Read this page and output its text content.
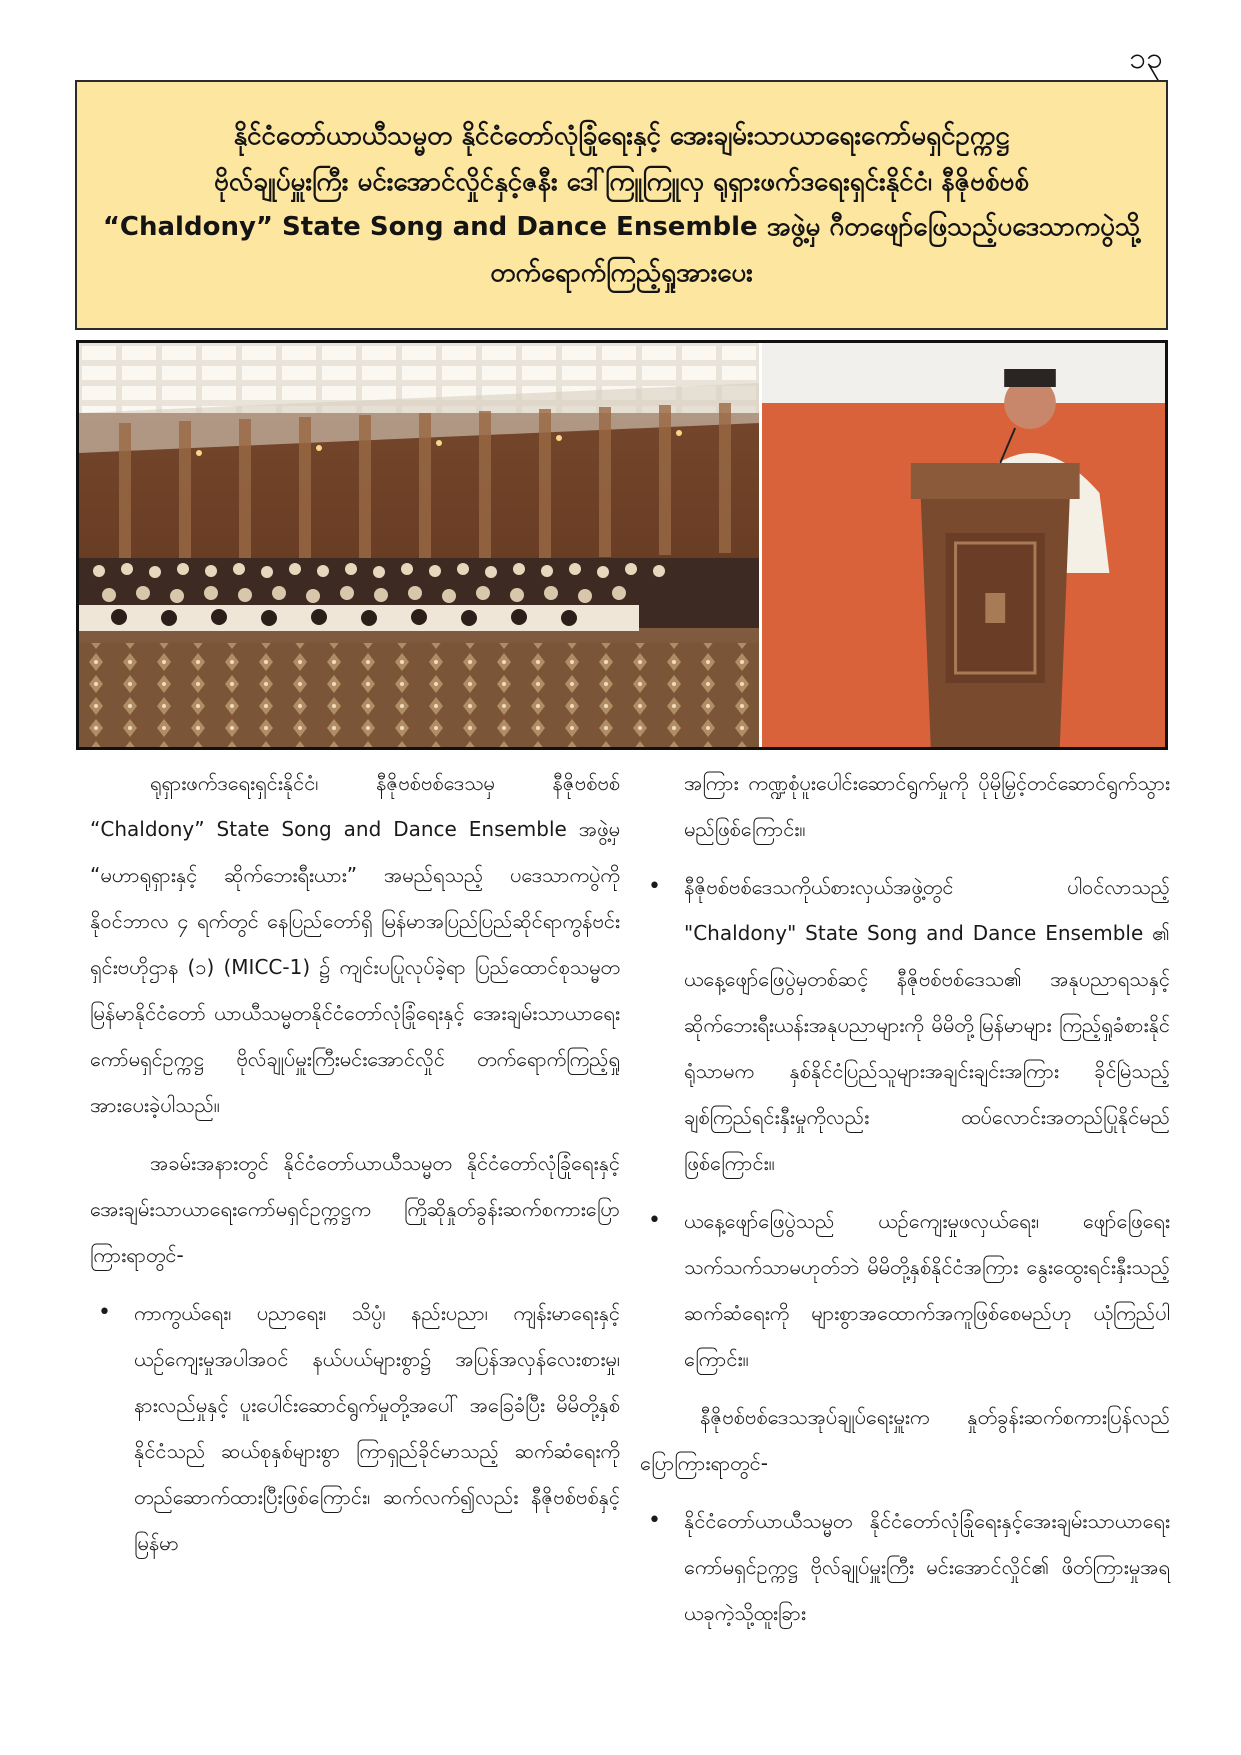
၁၃
နိုင်ငံတော်ယာယီသမ္မတ နိုင်ငံတော်လုံခြုံရေးနှင့် အေးချမ်းသာယာရေးကော်မရှင်ဥက္ကဋ္ဌ
ဗိုလ်ချုပ်မှူးကြီး မင်းအောင်လှိုင်နှင့်ဇနီး ဒေါ်ကြူကြူလှ ရုရှားဖက်ဒရေးရှင်းနိုင်ငံ၊ နီဇိုဗစ်ဗစ်
“Chaldony” State Song and Dance Ensemble အဖွဲ့မှ ဂီတဖျော်ဖြေသည့်ပဒေသာကပွဲသို့
တက်ရောက်ကြည့်ရှုအားပေး

ရုရှားဖက်ဒရေးရှင်းနိုင်ငံ၊ နီဇိုဗစ်ဗစ်ဒေသမှ နီဇိုဗစ်ဗစ် “Chaldony” State Song and Dance Ensemble အဖွဲ့မှ “မဟာရုရှားနှင့် ဆိုက်ဘေးရီးယား” အမည်ရသည့် ပဒေသာကပွဲကို နိုဝင်ဘာလ ၄ ရက်တွင် နေပြည်တော်ရှိ မြန်မာအပြည်ပြည်ဆိုင်ရာကွန်ဗင်းရှင်းဗဟိုဌာန (၁) (MICC-1) ၌ ကျင်းပပြုလုပ်ခဲ့ရာ ပြည်ထောင်စုသမ္မတမြန်မာနိုင်ငံတော် ယာယီသမ္မတနိုင်ငံတော်လုံခြုံရေးနှင့် အေးချမ်းသာယာရေး ကော်မရှင်ဥက္ကဋ္ဌ ဗိုလ်ချုပ်မှူးကြီးမင်းအောင်လှိုင် တက်ရောက်ကြည့်ရှုအားပေးခဲ့ပါသည်။

အခမ်းအနားတွင် နိုင်ငံတော်ယာယီသမ္မတ နိုင်ငံတော်လုံခြုံရေးနှင့်အေးချမ်းသာယာရေးကော်မရှင်ဥက္ကဋ္ဌက ကြိုဆိုနှုတ်ခွန်းဆက်စကားပြောကြားရာတွင်-

• ကာကွယ်ရေး၊ ပညာရေး၊ သိပ္ပံ၊ နည်းပညာ၊ ကျန်းမာရေးနှင့် ယဉ်ကျေးမှုအပါအဝင် နယ်ပယ်များစွာ၌ အပြန်အလှန်လေးစားမှု၊ နားလည်မှုနှင့် ပူးပေါင်းဆောင်ရွက်မှုတို့အပေါ် အခြေခံပြီး မိမိတို့နှစ်နိုင်ငံသည် ဆယ်စုနှစ်များစွာ ကြာရှည်ခိုင်မာသည့် ဆက်ဆံရေးကို တည်ဆောက်ထားပြီးဖြစ်ကြောင်း၊ ဆက်လက်၍လည်း နီဇိုဗစ်ဗစ်နှင့် မြန်မာ

အကြား ကဏ္ဍစုံပူးပေါင်းဆောင်ရွက်မှုကို ပိုမိုမြှင့်တင်ဆောင်ရွက်သွားမည်ဖြစ်ကြောင်း။

• နီဇိုဗစ်ဗစ်ဒေသကိုယ်စားလှယ်အဖွဲ့တွင် ပါဝင်လာသည့် "Chaldony" State Song and Dance Ensemble ၏ ယနေ့ဖျော်ဖြေပွဲမှတစ်ဆင့် နီဇိုဗစ်ဗစ်ဒေသ၏ အနုပညာရသနှင့် ဆိုက်ဘေးရီးယန်းအနုပညာများကို မိမိတို့မြန်မာများ ကြည့်ရှုခံစားနိုင်ရုံသာမက နှစ်နိုင်ငံပြည်သူများအချင်းချင်းအကြား ခိုင်မြဲသည့် ချစ်ကြည်ရင်းနှီးမှုကိုလည်း ထပ်လောင်းအတည်ပြုနိုင်မည်ဖြစ်ကြောင်း။
• ယနေ့ဖျော်ဖြေပွဲသည် ယဉ်ကျေးမှုဖလှယ်ရေး၊ ဖျော်ဖြေရေးသက်သက်သာမဟုတ်ဘဲ မိမိတို့နှစ်နိုင်ငံအကြား နွေးထွေးရင်းနှီးသည့်ဆက်ဆံရေးကို များစွာအထောက်အကူဖြစ်စေမည်ဟု ယုံကြည်ပါကြောင်း။

နီဇိုဗစ်ဗစ်ဒေသအုပ်ချုပ်ရေးမှူးက နှုတ်ခွန်းဆက်စကားပြန်လည်ပြောကြားရာတွင်-

• နိုင်ငံတော်ယာယီသမ္မတ နိုင်ငံတော်လုံခြုံရေးနှင့်အေးချမ်းသာယာရေးကော်မရှင်ဥက္ကဋ္ဌ ဗိုလ်ချုပ်မှူးကြီး မင်းအောင်လှိုင်၏ ဖိတ်ကြားမှုအရ ယခုကဲ့သို့ထူးခြား
